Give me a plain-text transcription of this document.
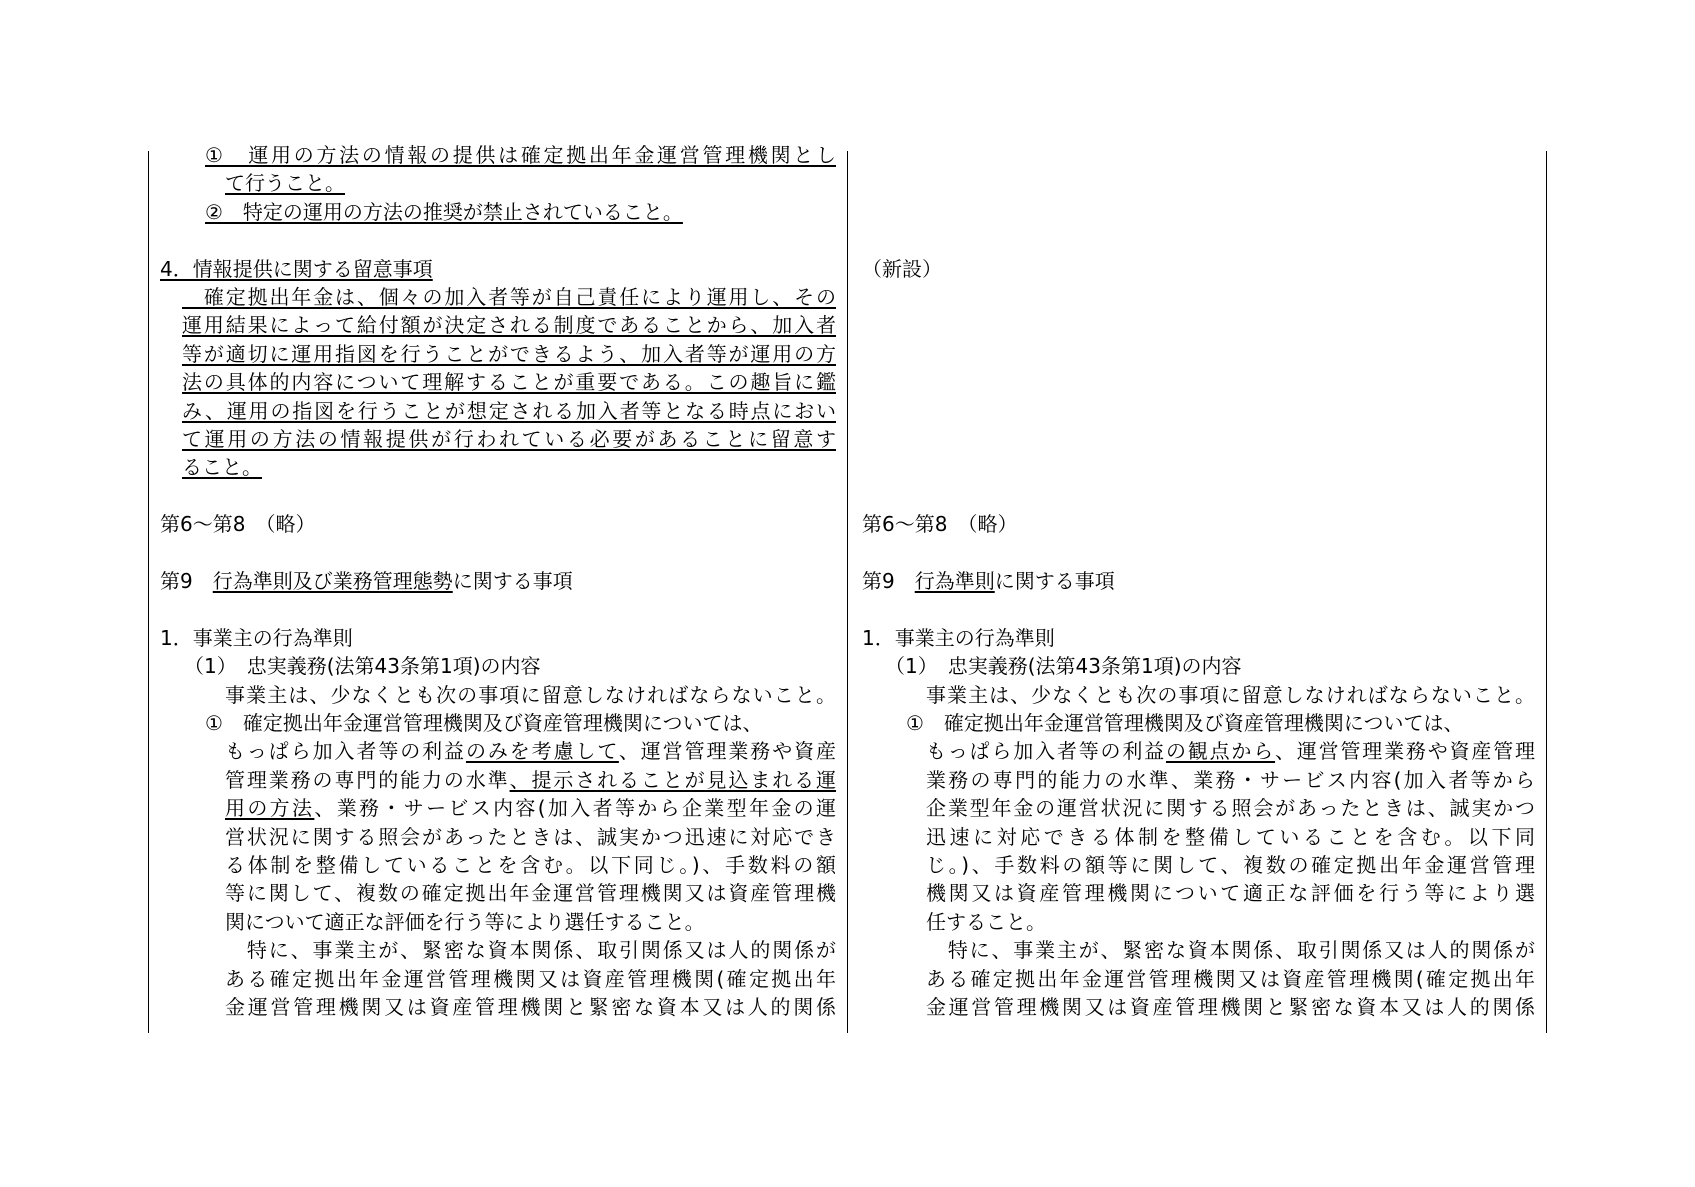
①　運用の方法の情報の提供は確定拠出年金運営管理機関とし
て行うこと。
②　特定の運用の方法の推奨が禁止されていること。
4．情報提供に関する留意事項
　確定拠出年金は、個々の加入者等が自己責任により運用し、その
運用結果によって給付額が決定される制度であることから、加入者
等が適切に運用指図を行うことができるよう、加入者等が運用の方
法の具体的内容について理解することが重要である。この趣旨に鑑
み、運用の指図を行うことが想定される加入者等となる時点におい
て運用の方法の情報提供が行われている必要があることに留意す
ること。
第6～第8　（略）
第9　行為準則及び業務管理態勢に関する事項
1．事業主の行為準則
（1）　忠実義務(法第43条第1項)の内容
事業主は、少なくとも次の事項に留意しなければならないこと。
①　確定拠出年金運営管理機関及び資産管理機関については、
もっぱら加入者等の利益のみを考慮して、運営管理業務や資産
管理業務の専門的能力の水準、提示されることが見込まれる運
用の方法、業務・サービス内容(加入者等から企業型年金の運
営状況に関する照会があったときは、誠実かつ迅速に対応でき
る体制を整備していることを含む。以下同じ。)、手数料の額
等に関して、複数の確定拠出年金運営管理機関又は資産管理機
関について適正な評価を行う等により選任すること。
　特に、事業主が、緊密な資本関係、取引関係又は人的関係が
ある確定拠出年金運営管理機関又は資産管理機関(確定拠出年
金運営管理機関又は資産管理機関と緊密な資本又は人的関係
（新設）
第6～第8　（略）
第9　行為準則に関する事項
1．事業主の行為準則
（1）　忠実義務(法第43条第1項)の内容
事業主は、少なくとも次の事項に留意しなければならないこと。
①　確定拠出年金運営管理機関及び資産管理機関については、
もっぱら加入者等の利益の観点から、運営管理業務や資産管理
業務の専門的能力の水準、業務・サービス内容(加入者等から
企業型年金の運営状況に関する照会があったときは、誠実かつ
迅速に対応できる体制を整備していることを含む。以下同
じ。)、手数料の額等に関して、複数の確定拠出年金運営管理
機関又は資産管理機関について適正な評価を行う等により選
任すること。
　特に、事業主が、緊密な資本関係、取引関係又は人的関係が
ある確定拠出年金運営管理機関又は資産管理機関(確定拠出年
金運営管理機関又は資産管理機関と緊密な資本又は人的関係
